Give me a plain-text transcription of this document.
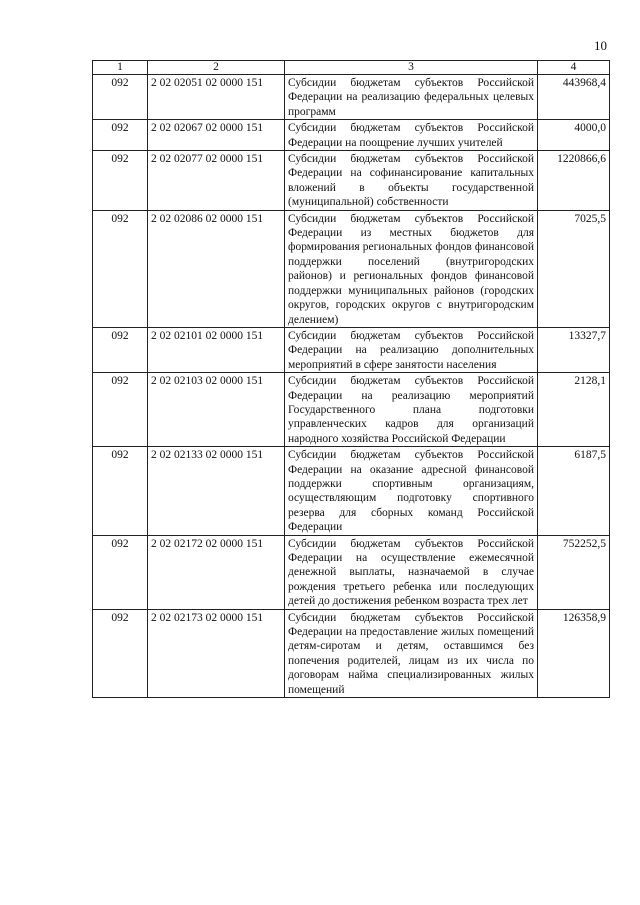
10
1	2	3	4
092	2 02 02051 02 0000 151	Субсидии бюджетам субъектов Российской Федерации на реализацию федеральных целевых программ	443968,4
092	2 02 02067 02 0000 151	Субсидии бюджетам субъектов Российской Федерации на поощрение лучших учителей	4000,0
092	2 02 02077 02 0000 151	Субсидии бюджетам субъектов Российской Федерации на софинансирование капитальных вложений в объекты государственной (муниципальной) собственности	1220866,6
092	2 02 02086 02 0000 151	Субсидии бюджетам субъектов Российской Федерации из местных бюджетов для формирования региональных фондов финансовой поддержки поселений (внутригородских районов) и региональных фондов финансовой поддержки муниципальных районов (городских округов, городских округов с внутригородским делением)	7025,5
092	2 02 02101 02 0000 151	Субсидии бюджетам субъектов Российской Федерации на реализацию дополнительных мероприятий в сфере занятости населения	13327,7
092	2 02 02103 02 0000 151	Субсидии бюджетам субъектов Российской Федерации на реализацию мероприятий Государственного плана подготовки управленческих кадров для организаций народного хозяйства Российской Федерации	2128,1
092	2 02 02133 02 0000 151	Субсидии бюджетам субъектов Российской Федерации на оказание адресной финансовой поддержки спортивным организациям, осуществляющим подготовку спортивного резерва для сборных команд Российской Федерации	6187,5
092	2 02 02172 02 0000 151	Субсидии бюджетам субъектов Российской Федерации на осуществление ежемесячной денежной выплаты, назначаемой в случае рождения третьего ребенка или последующих детей до достижения ребенком возраста трех лет	752252,5
092	2 02 02173 02 0000 151	Субсидии бюджетам субъектов Российской Федерации на предоставление жилых помещений детям-сиротам и детям, оставшимся без попечения родителей, лицам из их числа по договорам найма специализированных жилых помещений	126358,9
